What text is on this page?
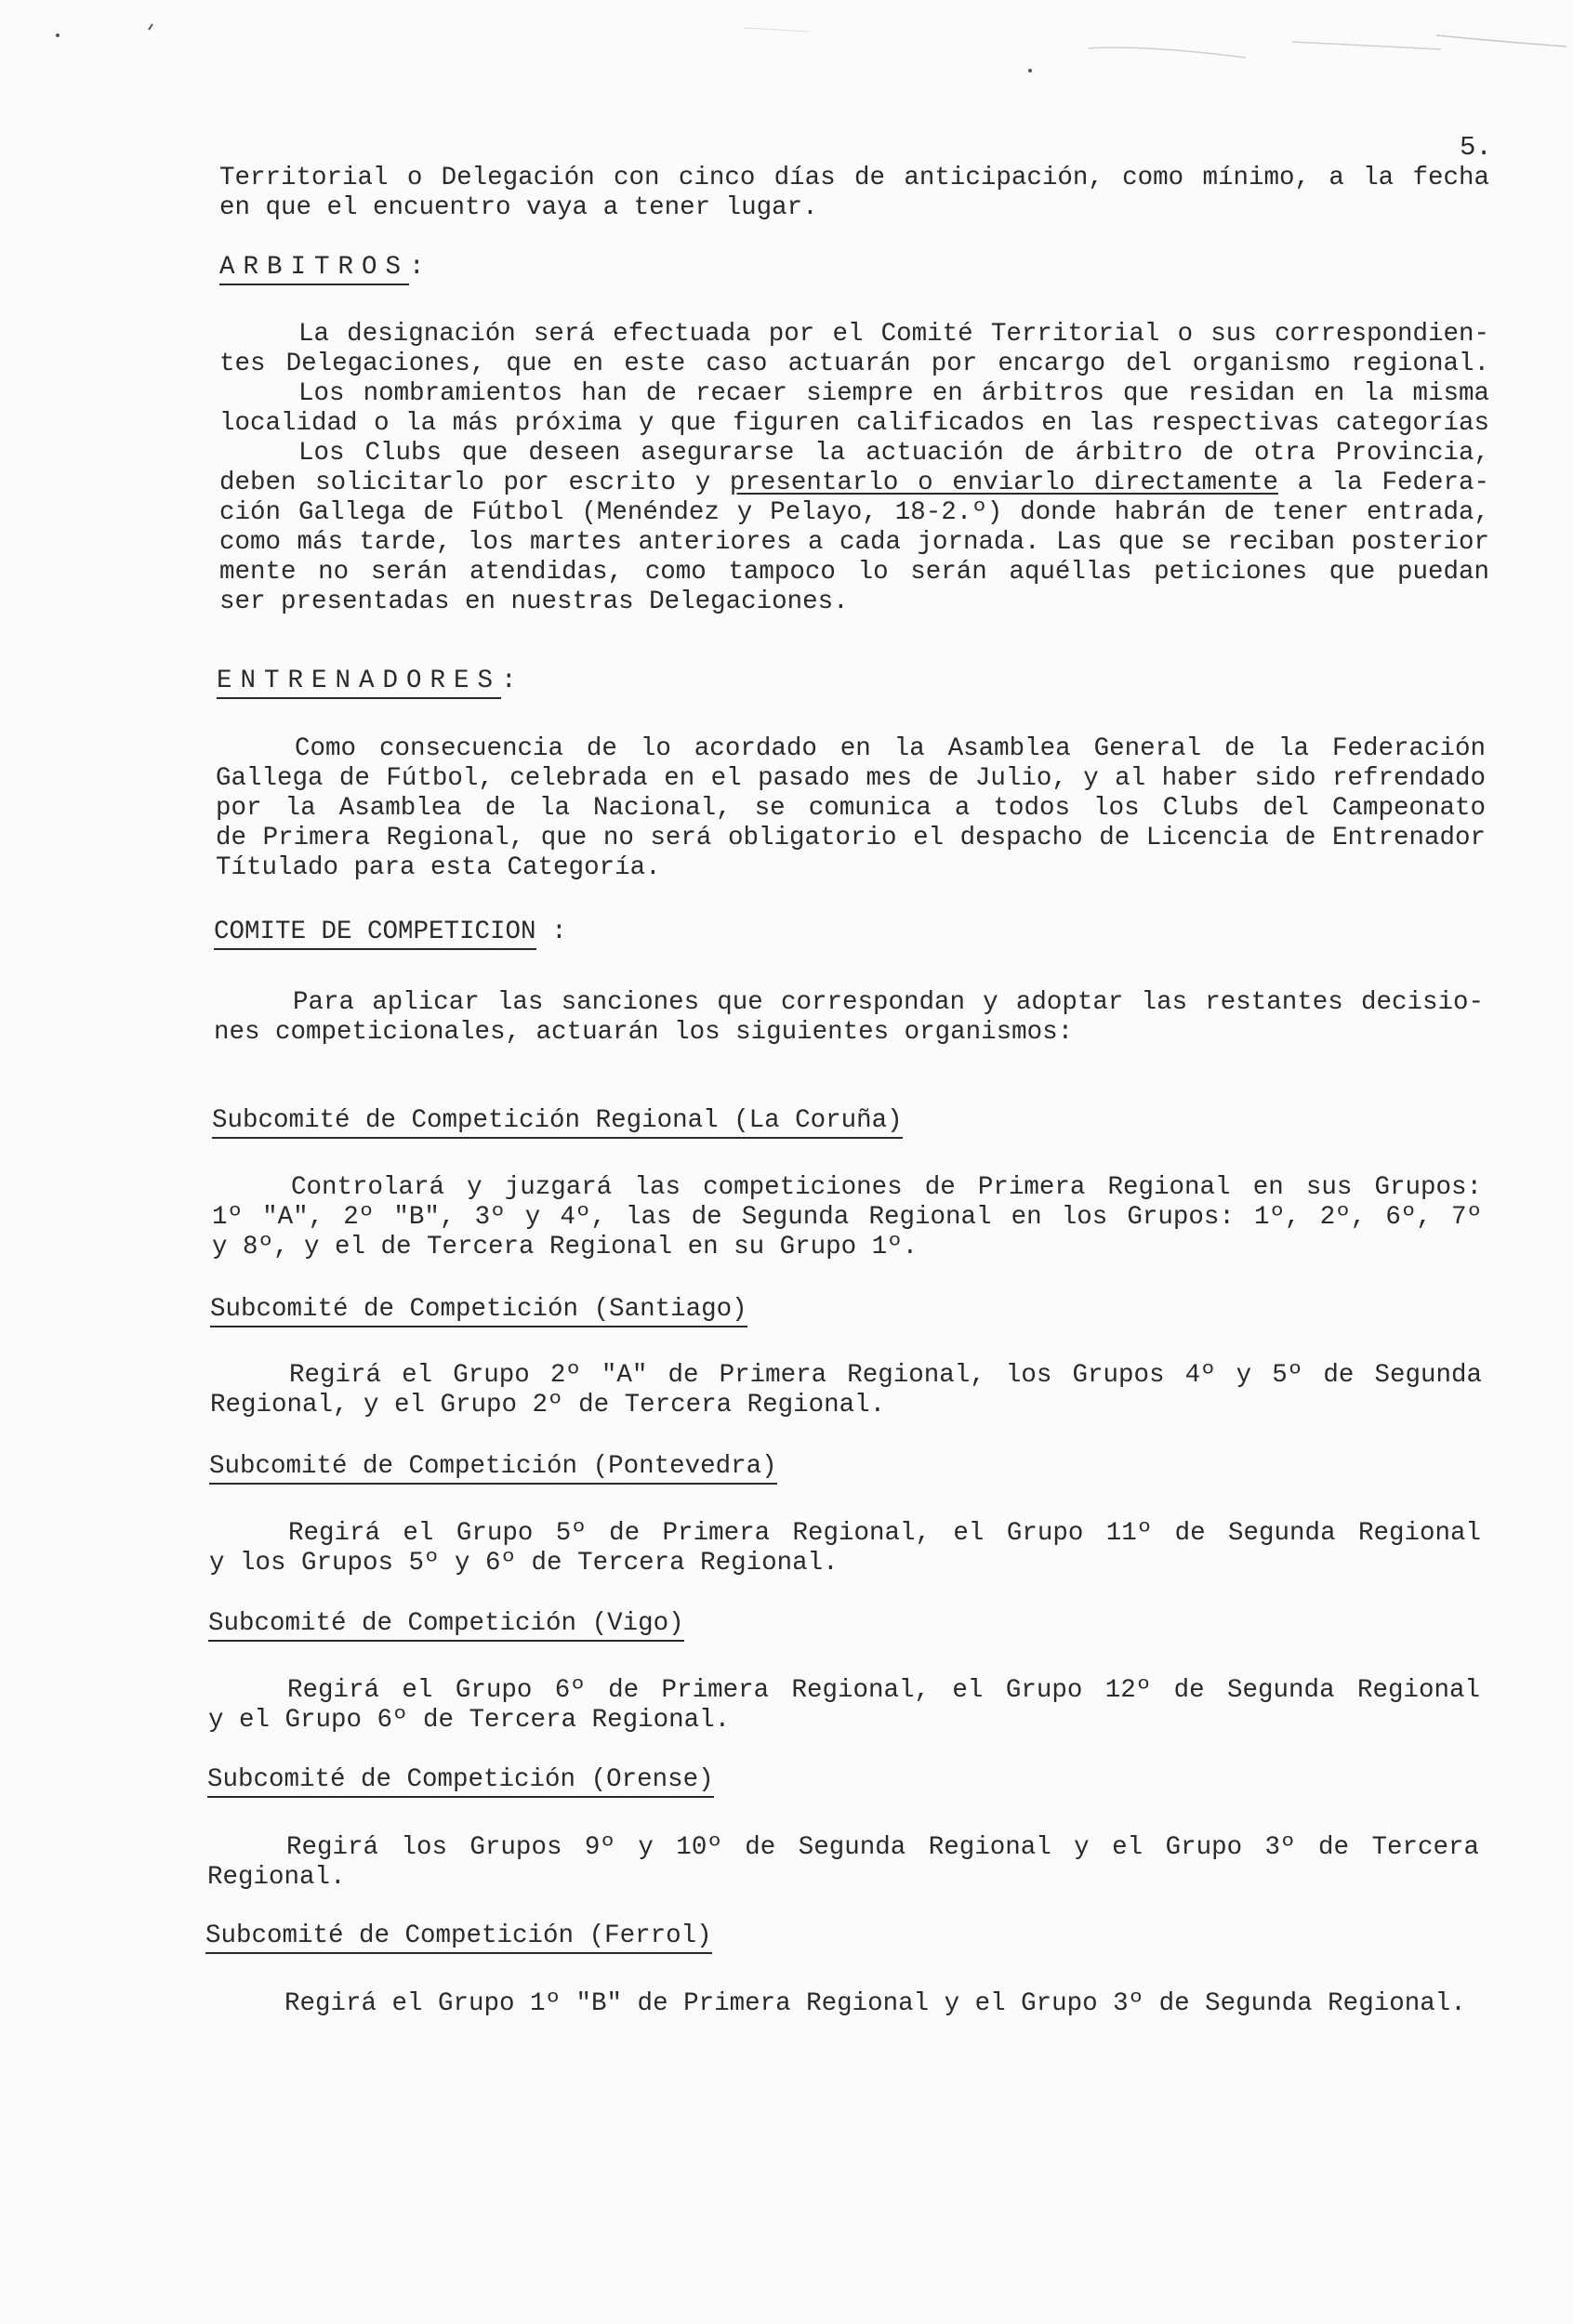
5.

Territorial o Delegación con cinco días de anticipación, como mínimo, a la fecha
en que el encuentro vaya a tener lugar.

ARBITROS:

La designación será efectuada por el Comité Territorial o sus correspondien-
tes Delegaciones, que en este caso actuarán por encargo del organismo regional.
Los nombramientos han de recaer siempre en árbitros que residan en la misma
localidad o la más próxima y que figuren calificados en las respectivas categorías
Los Clubs que deseen asegurarse la actuación de árbitro de otra Provincia,
deben solicitarlo por escrito y presentarlo o enviarlo directamente a la Federa-
ción Gallega de Fútbol (Menéndez y Pelayo, 18-2.º) donde habrán de tener entrada,
como más tarde, los martes anteriores a cada jornada. Las que se reciban posterior
mente no serán atendidas, como tampoco lo serán aquéllas peticiones que puedan
ser presentadas en nuestras Delegaciones.

ENTRENADORES:

Como consecuencia de lo acordado en la Asamblea General de la Federación
Gallega de Fútbol, celebrada en el pasado mes de Julio, y al haber sido refrendado
por la Asamblea de la Nacional, se comunica a todos los Clubs del Campeonato
de Primera Regional, que no será obligatorio el despacho de Licencia de Entrenador
Títulado para esta Categoría.

COMITE DE COMPETICION :

Para aplicar las sanciones que correspondan y adoptar las restantes decisio-
nes competicionales, actuarán los siguientes organismos:

Subcomité de Competición Regional (La Coruña)

Controlará y juzgará las competiciones de Primera Regional en sus Grupos:
1º "A", 2º "B", 3º y 4º, las de Segunda Regional en los Grupos: 1º, 2º, 6º, 7º
y 8º, y el de Tercera Regional en su Grupo 1º.

Subcomité de Competición (Santiago)

Regirá el Grupo 2º "A" de Primera Regional, los Grupos 4º y 5º de Segunda
Regional, y el Grupo 2º de Tercera Regional.

Subcomité de Competición (Pontevedra)

Regirá el Grupo 5º de Primera Regional, el Grupo 11º de Segunda Regional
y los Grupos 5º y 6º de Tercera Regional.

Subcomité de Competición (Vigo)

Regirá el Grupo 6º de Primera Regional, el Grupo 12º de Segunda Regional
y el Grupo 6º de Tercera Regional.

Subcomité de Competición (Orense)

Regirá los Grupos 9º y 10º de Segunda Regional y el Grupo 3º de Tercera
Regional.

Subcomité de Competición (Ferrol)

Regirá el Grupo 1º "B" de Primera Regional y el Grupo 3º de Segunda Regional.
